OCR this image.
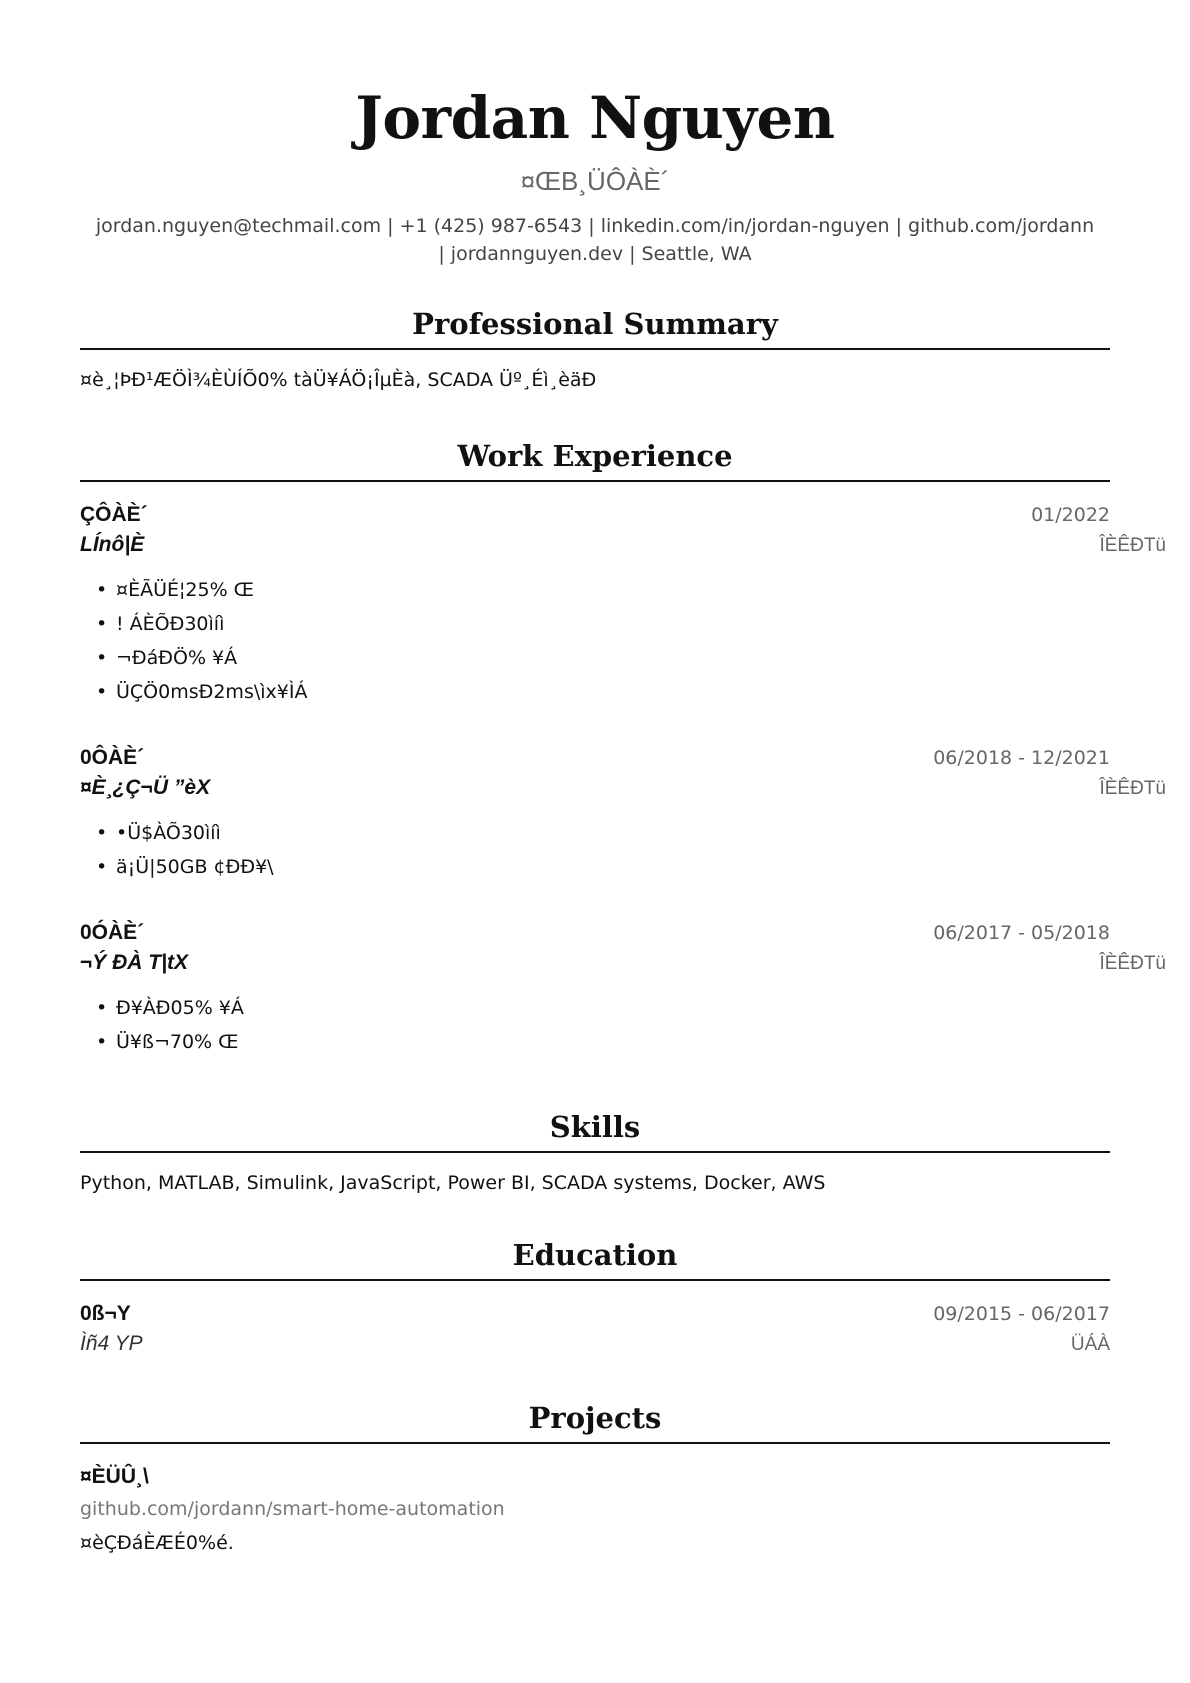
Jordan Nguyen
¤ŒB¸ÜÔÀÈ´
jordan.nguyen@techmail.com | +1 (425) 987-6543 | linkedin.com/in/jordan-nguyen | github.com/jordann | jordannguyen.dev | Seattle, WA
Professional Summary
¤è¸¦ÞÐ¹ÆÖÌ¾ÈÙÍÕ0% tàÜ¥ÁÖ¡ÎµÈà, SCADA Üº¸Éì¸èäÐ
Work Experience
ÇÔÀÈ´	01/2022
LÍnô|È	ÎÈÊÐTü
• ¤ÈÃÜÉ¦25% Œ
• ! ÁÈÕÐ30ìíì
• ¬ÐáÐÖ% ¥Á
• ÜÇÖ0msÐ2ms\ìx¥ÌÁ
0ÔÀÈ´	06/2018 - 12/2021
¤È¸¿Ç¬Ü ”èX	ÎÈÊÐTü
• •Ü$ÀÕ30ìíì
• ä¡Ü|50GB ¢ÐÐ¥\
0ÓÀÈ´	06/2017 - 05/2018
¬Ý ÐÀ T|tX	ÎÈÊÐTü
• Ð¥ÀÐ05% ¥Á
• Ü¥ß¬70% Œ
Skills
Python, MATLAB, Simulink, JavaScript, Power BI, SCADA systems, Docker, AWS
Education
0ß¬Y	09/2015 - 06/2017
Ìñ4 YP	ÜÁÀ
Projects
¤ÈÜÛ¸\
github.com/jordann/smart-home-automation
¤èÇÐáÈÆÉ0%é.
